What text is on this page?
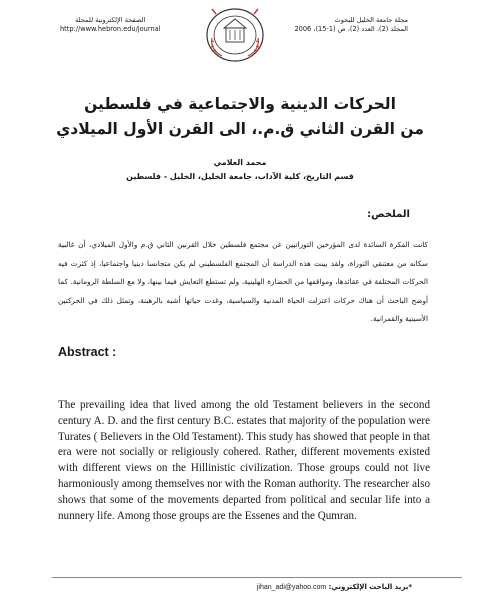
الصفحة الإلكترونية للمجلة
http://www.hebron.edu/journal
مجلة جامعة الخليل للبحوث
المجلد (2)، العدد (2)، ص (1-15)، 2006
الحركات الدينية والاجتماعية في فلسطين
من القرن الثاني ق.م.، الى القرن الأول الميلادي
محمد العلامي
قسم التاريخ، كلية الآداب، جامعة الخليل، الخليل - فلسطين
الملخص:
كانت الفكرة السائدة لدى المؤرخين التوراتيين عن مجتمع فلسطين خلال القرنين الثاني ق.م والأول الميلادي، أن غالبية سكانه من معتنقي التوراة، ولقد بينت هذه الدراسة أن المجتمع الفلسطيني لم يكن متجانسا دينيا واجتماعيا، إذ كثرت فيه الحركات المختلفة في عقائدها، ومواقفها من الحضارة الهلينية، ولم تستطع التعايش فيما بينها، ولا مع السلطة الرومانية. كما أوضح الباحث أن هناك حركات اعتزلت الحياة المدنية والسياسية، وغدت حياتها أشبه بالرهبنة، وتمثل ذلك في الحركتين الأسينية والقمرانية.
Abstract :
The prevailing idea that lived among the old Testament believers in the second century A. D. and the first century B.C. estates that majority of the population were Turates ( Believers in the Old Testament). This study has showed that people in that era were not socially or religiously cohered. Rather, different movements existed with different views on the Hillinistic civilization. Those groups could not live harmoniously among themselves nor with the Roman authority. The researcher also shows that some of the movements departed from political and secular life into a nunnery life. Among those groups are the Essenes and the Qumran.
*بريد الباحث الإلكتروني: jihan_adi@yahoo.com
